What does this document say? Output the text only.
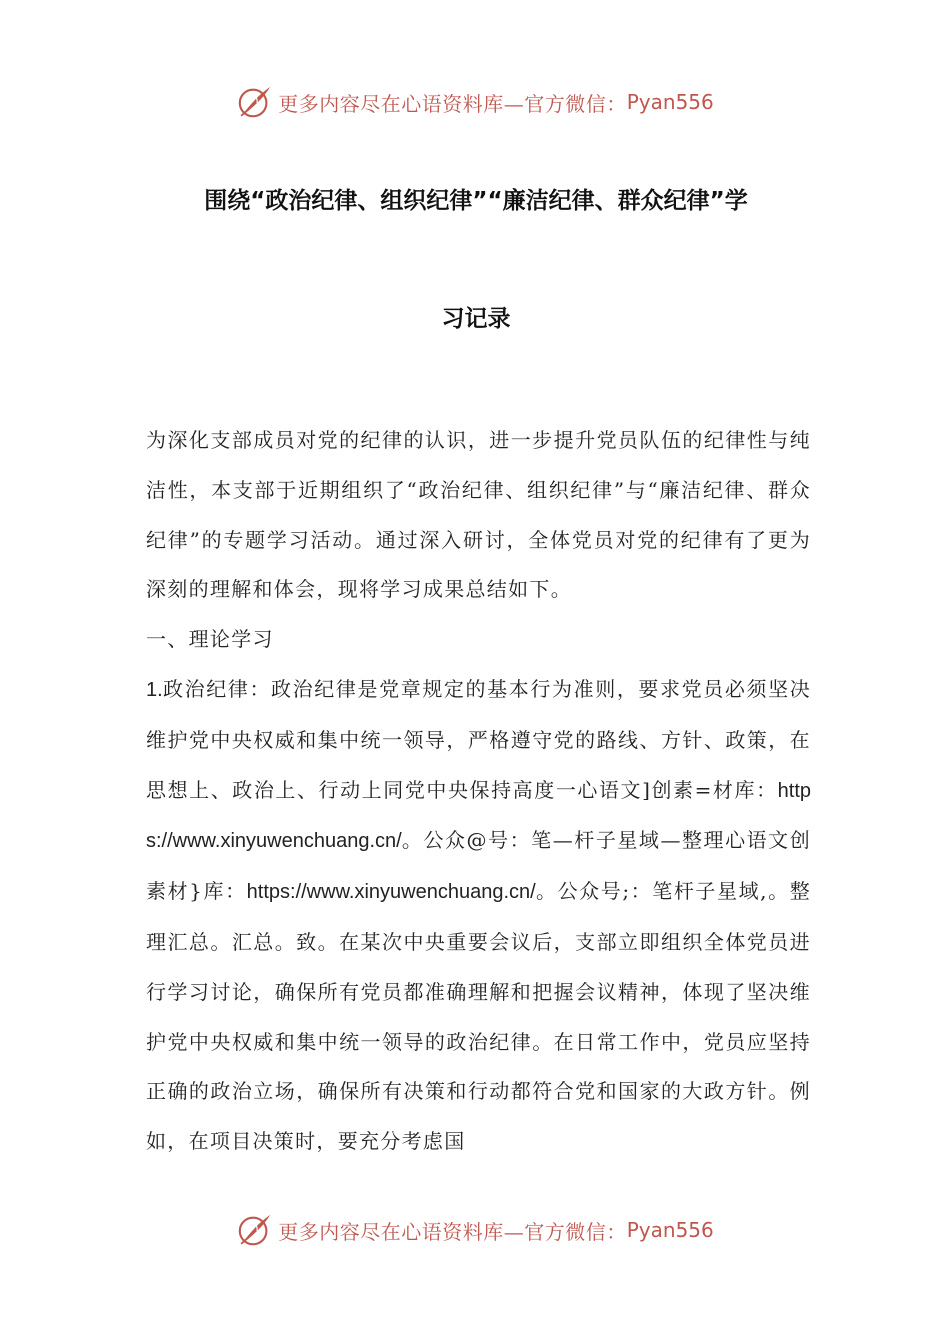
更多内容尽在心语资料库—官方微信： Pyan556
围绕“政治纪律、组织纪律”“廉洁纪律、群众纪律”学
习记录

为深化支部成员对党的纪律的认识，进一步提升党员队伍的纪律性与纯洁性，本支部于近期组织了“政治纪律、组织纪律”与“廉洁纪律、群众纪律”的专题学习活动。通过深入研讨，全体党员对党的纪律有了更为深刻的理解和体会，现将学习成果总结如下。

一、理论学习

1.政治纪律：政治纪律是党章规定的基本行为准则，要求党员必须坚决维护党中央权威和集中统一领导，严格遵守党的路线、方针、政策，在思想上、政治上、行动上同党中央保持高度一心语文]创素=材库：https://www.xinyuwenchuang.cn/。公众@号：笔—杆子星域—整理心语文创素材}库：https://www.xinyuwenchuang.cn/。公众号;：笔杆子星域,。整理汇总。汇总。致。在某次中央重要会议后，支部立即组织全体党员进行学习讨论，确保所有党员都准确理解和把握会议精神，体现了坚决维护党中央权威和集中统一领导的政治纪律。在日常工作中，党员应坚持正确的政治立场，确保所有决策和行动都符合党和国家的大政方针。例如，在项目决策时，要充分考虑国

更多内容尽在心语资料库—官方微信： Pyan556
